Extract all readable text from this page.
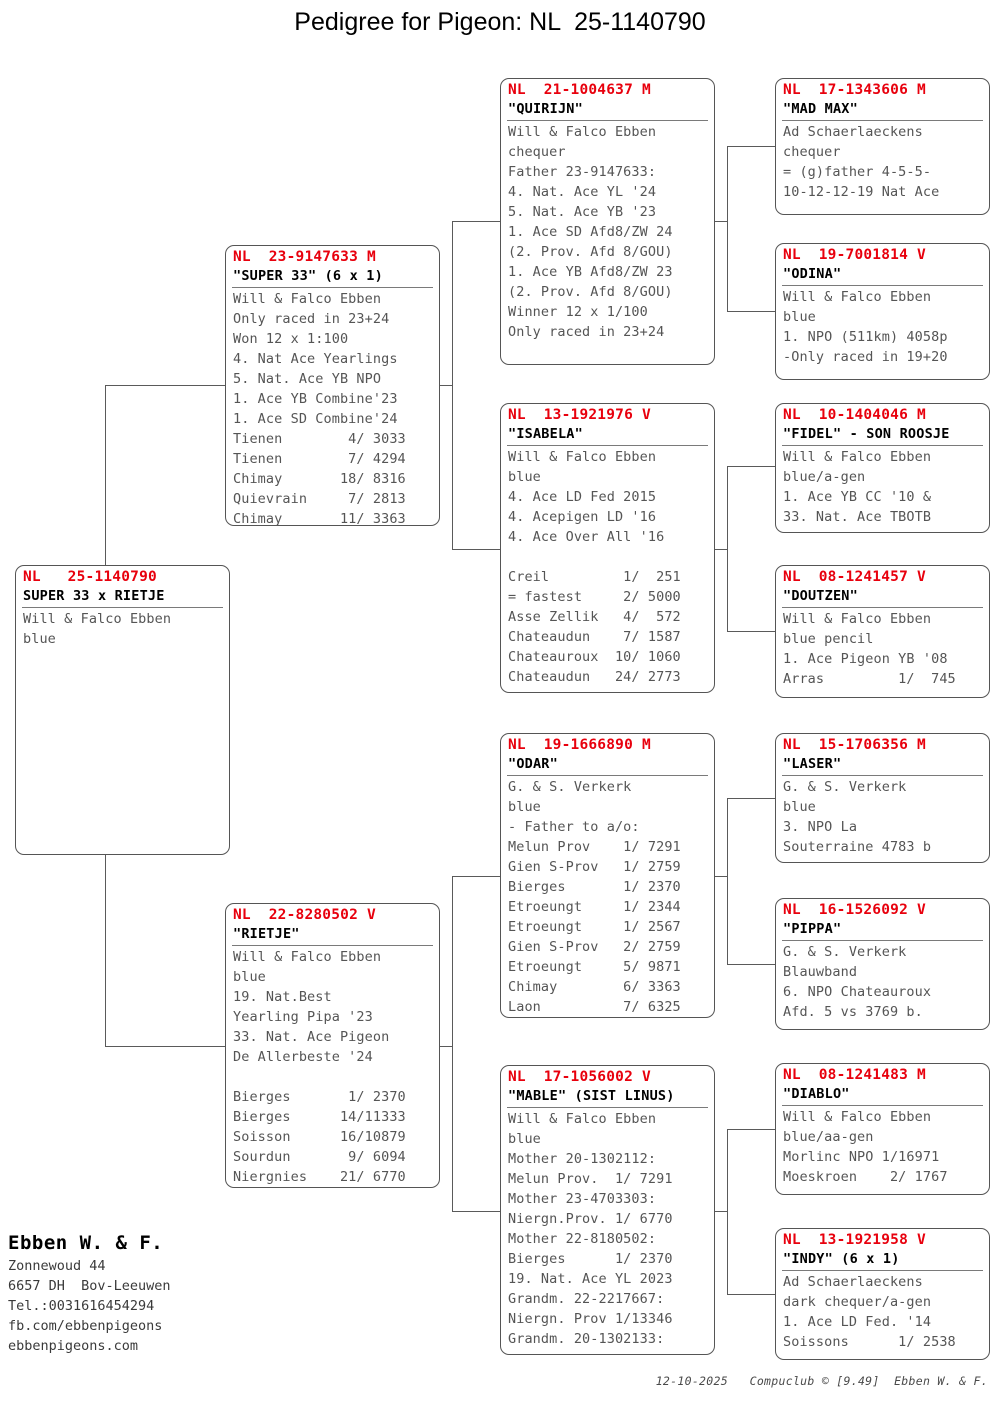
Pedigree for Pigeon: NL  25-1140790
NL   25-1140790
SUPER 33 x RIETJE
Will & Falco Ebben
blue
NL  23-9147633 M
"SUPER 33" (6 x 1)
Will & Falco Ebben
Only raced in 23+24
Won 12 x 1:100
4. Nat Ace Yearlings
5. Nat. Ace YB NPO
1. Ace YB Combine'23
1. Ace SD Combine'24
Tienen        4/ 3033
Tienen        7/ 4294
Chimay       18/ 8316
Quievrain     7/ 2813
Chimay       11/ 3363
NL  22-8280502 V
"RIETJE"
Will & Falco Ebben
blue
19. Nat.Best
Yearling Pipa '23
33. Nat. Ace Pigeon
De Allerbeste '24
Bierges       1/ 2370
Bierges      14/11333
Soisson      16/10879
Sourdun       9/ 6094
Niergnies    21/ 6770
NL  21-1004637 M
"QUIRIJN"
Will & Falco Ebben
chequer
Father 23-9147633:
4. Nat. Ace YL '24
5. Nat. Ace YB '23
1. Ace SD Afd8/ZW 24
(2. Prov. Afd 8/GOU)
1. Ace YB Afd8/ZW 23
(2. Prov. Afd 8/GOU)
Winner 12 x 1/100
Only raced in 23+24
NL  13-1921976 V
"ISABELA"
Will & Falco Ebben
blue
4. Ace LD Fed 2015
4. Acepigen LD '16
4. Ace Over All '16
Creil         1/  251
= fastest     2/ 5000
Asse Zellik   4/  572
Chateaudun    7/ 1587
Chateauroux  10/ 1060
Chateaudun   24/ 2773
NL  19-1666890 M
"ODAR"
G. & S. Verkerk
blue
- Father to a/o:
Melun Prov    1/ 7291
Gien S-Prov   1/ 2759
Bierges       1/ 2370
Etroeungt     1/ 2344
Etroeungt     1/ 2567
Gien S-Prov   2/ 2759
Etroeungt     5/ 9871
Chimay        6/ 3363
Laon          7/ 6325
NL  17-1056002 V
"MABLE" (SIST LINUS)
Will & Falco Ebben
blue
Mother 20-1302112:
Melun Prov.  1/ 7291
Mother 23-4703303:
Niergn.Prov. 1/ 6770
Mother 22-8180502:
Bierges      1/ 2370
19. Nat. Ace YL 2023
Grandm. 22-2217667:
Niergn. Prov 1/13346
Grandm. 20-1302133:
NL  17-1343606 M
"MAD MAX"
Ad Schaerlaeckens
chequer
= (g)father 4-5-5-
10-12-12-19 Nat Ace
NL  19-7001814 V
"ODINA"
Will & Falco Ebben
blue
1. NPO (511km) 4058p
-Only raced in 19+20
NL  10-1404046 M
"FIDEL" - SON ROOSJE
Will & Falco Ebben
blue/a-gen
1. Ace YB CC '10 &
33. Nat. Ace TBOTB
NL  08-1241457 V
"DOUTZEN"
Will & Falco Ebben
blue pencil
1. Ace Pigeon YB '08
Arras         1/  745
NL  15-1706356 M
"LASER"
G. & S. Verkerk
blue
3. NPO La
Souterraine 4783 b
NL  16-1526092 V
"PIPPA"
G. & S. Verkerk
Blauwband
6. NPO Chateauroux
Afd. 5 vs 3769 b.
NL  08-1241483 M
"DIABLO"
Will & Falco Ebben
blue/aa-gen
Morlinc NPO 1/16971
Moeskroen    2/ 1767
NL  13-1921958 V
"INDY" (6 x 1)
Ad Schaerlaeckens
dark chequer/a-gen
1. Ace LD Fed. '14
Soissons      1/ 2538
Ebben W. & F.
Zonnewoud 44
6657 DH  Bov-Leeuwen
Tel.:0031616454294
fb.com/ebbenpigeons
ebbenpigeons.com
12-10-2025   Compuclub © [9.49]  Ebben W. & F.
